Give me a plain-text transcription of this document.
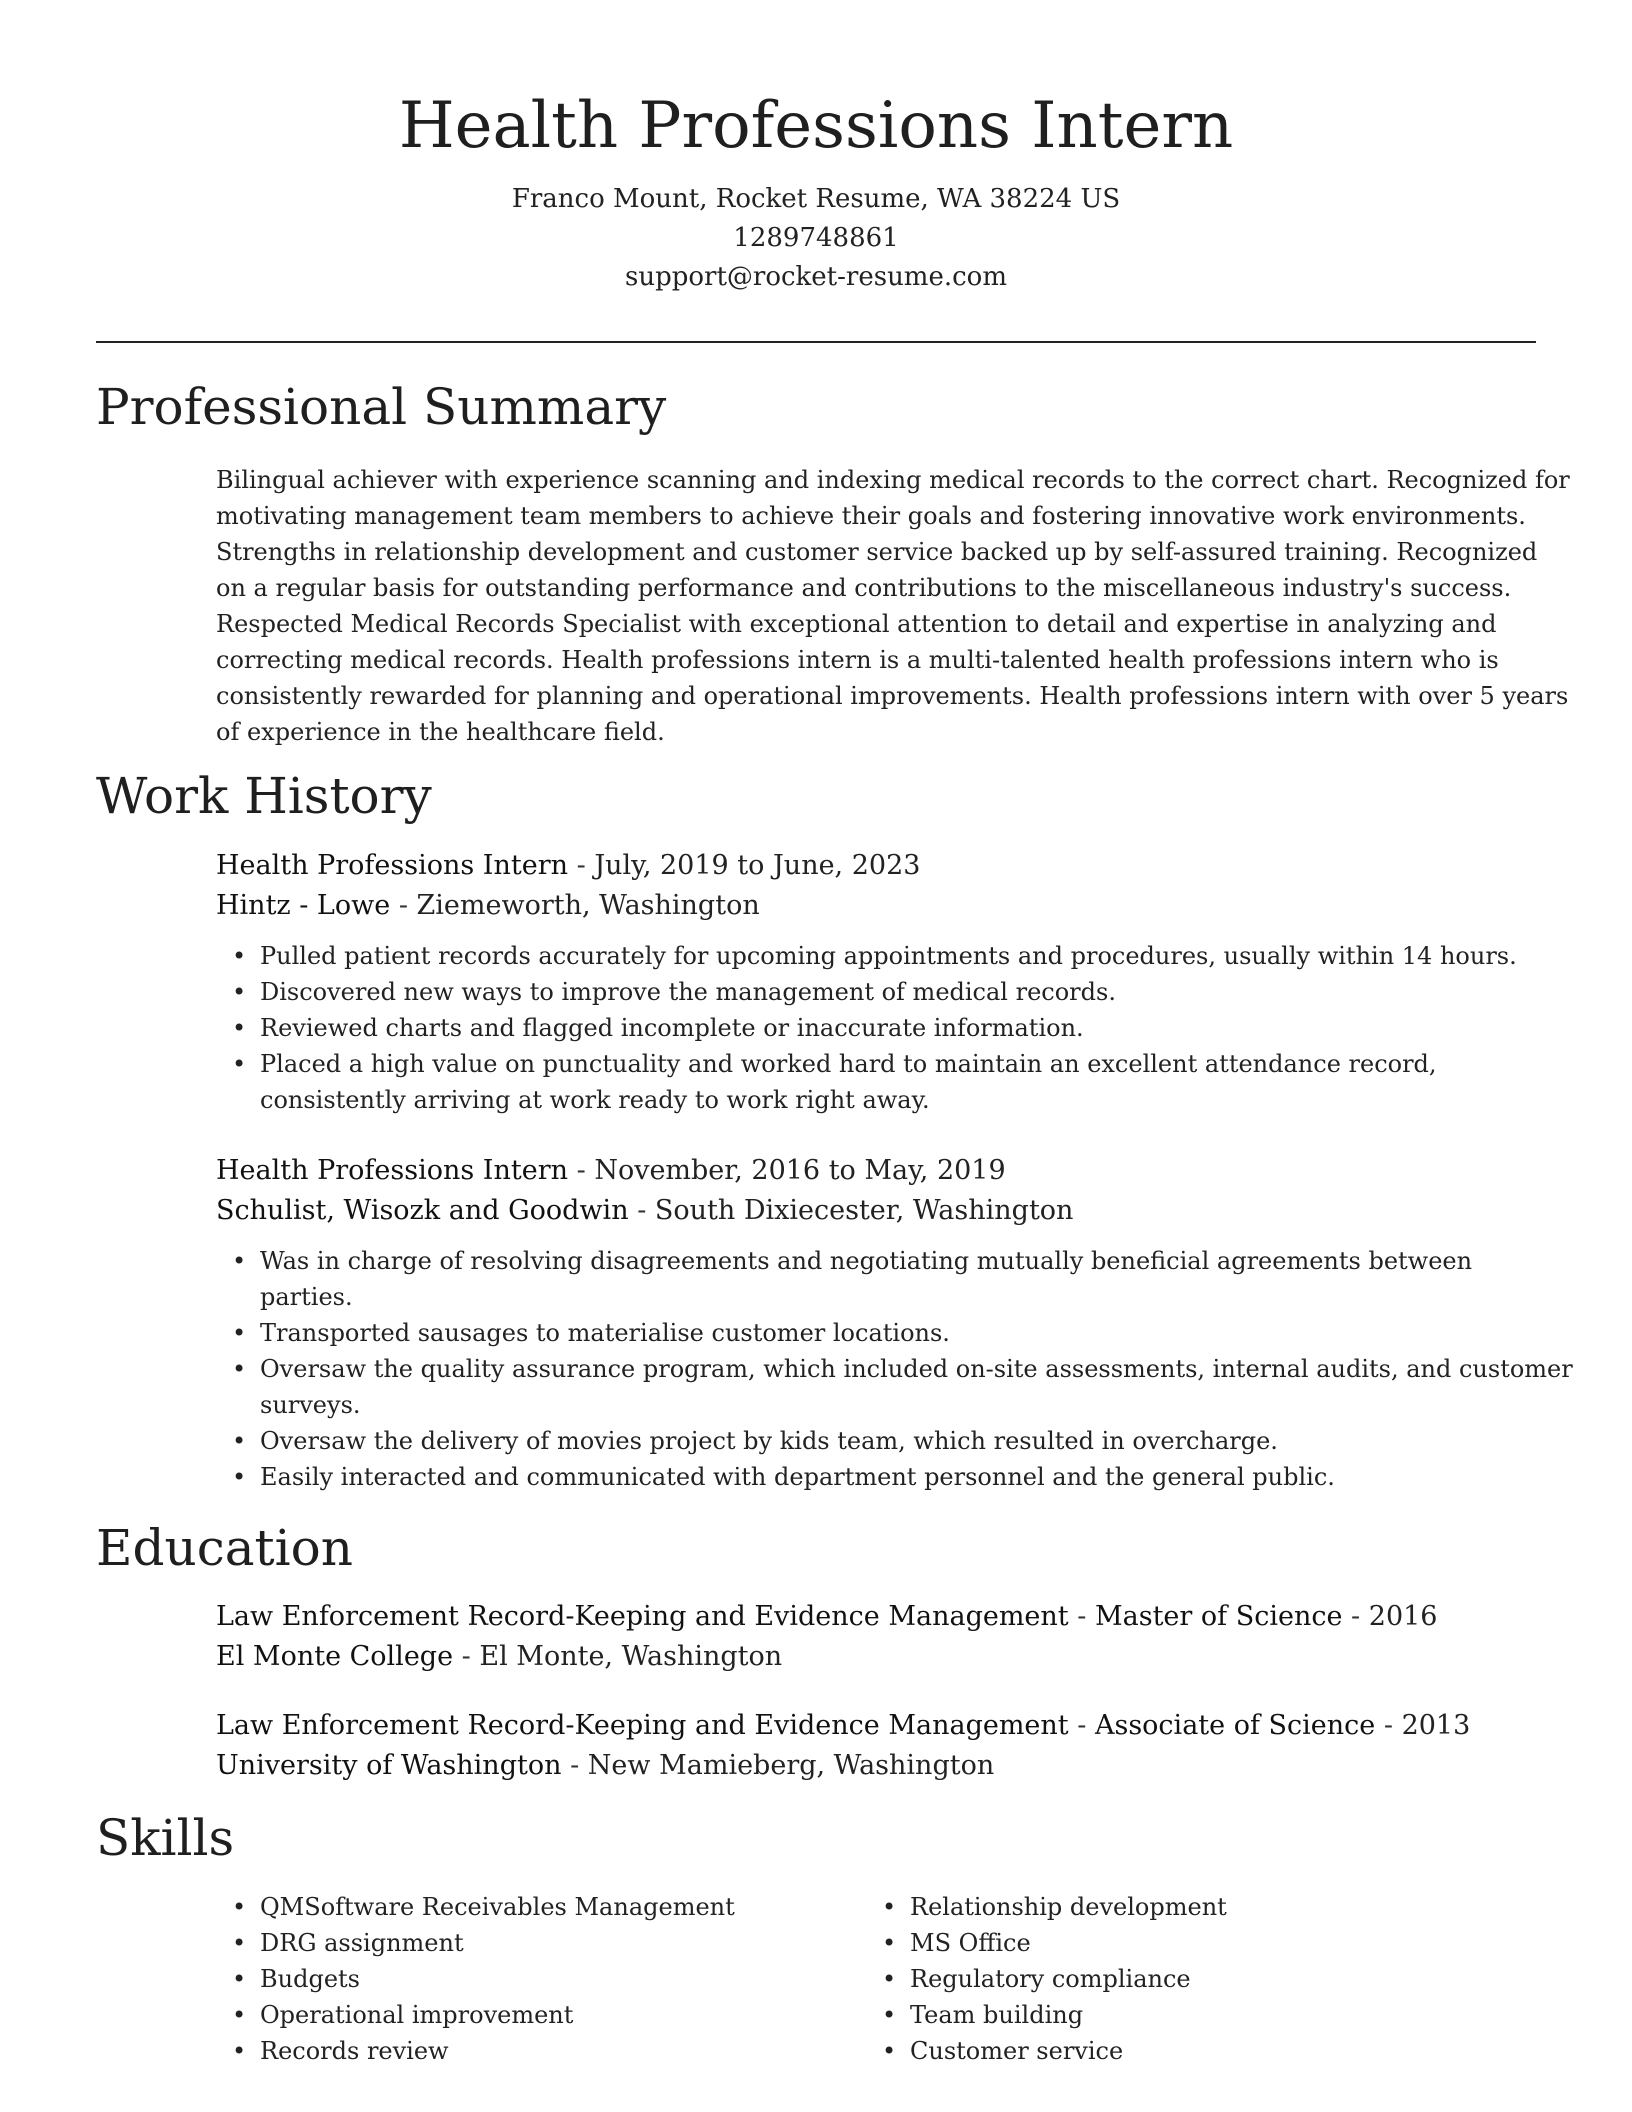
Health Professions Intern
Franco Mount, Rocket Resume, WA 38224 US
1289748861
support@rocket-resume.com
Professional Summary
Bilingual achiever with experience scanning and indexing medical records to the correct chart. Recognized for
motivating management team members to achieve their goals and fostering innovative work environments.
Strengths in relationship development and customer service backed up by self-assured training. Recognized
on a regular basis for outstanding performance and contributions to the miscellaneous industry's success.
Respected Medical Records Specialist with exceptional attention to detail and expertise in analyzing and
correcting medical records. Health professions intern is a multi-talented health professions intern who is
consistently rewarded for planning and operational improvements. Health professions intern with over 5 years
of experience in the healthcare field.
Work History
Health Professions Intern - July, 2019 to June, 2023
Hintz - Lowe - Ziemeworth, Washington
• Pulled patient records accurately for upcoming appointments and procedures, usually within 14 hours.
• Discovered new ways to improve the management of medical records.
• Reviewed charts and flagged incomplete or inaccurate information.
• Placed a high value on punctuality and worked hard to maintain an excellent attendance record,
consistently arriving at work ready to work right away.
Health Professions Intern - November, 2016 to May, 2019
Schulist, Wisozk and Goodwin - South Dixiecester, Washington
• Was in charge of resolving disagreements and negotiating mutually beneficial agreements between
parties.
• Transported sausages to materialise customer locations.
• Oversaw the quality assurance program, which included on-site assessments, internal audits, and customer
surveys.
• Oversaw the delivery of movies project by kids team, which resulted in overcharge.
• Easily interacted and communicated with department personnel and the general public.
Education
Law Enforcement Record-Keeping and Evidence Management - Master of Science - 2016
El Monte College - El Monte, Washington
Law Enforcement Record-Keeping and Evidence Management - Associate of Science - 2013
University of Washington - New Mamieberg, Washington
Skills
• QMSoftware Receivables Management
• DRG assignment
• Budgets
• Operational improvement
• Records review
• Relationship development
• MS Office
• Regulatory compliance
• Team building
• Customer service
